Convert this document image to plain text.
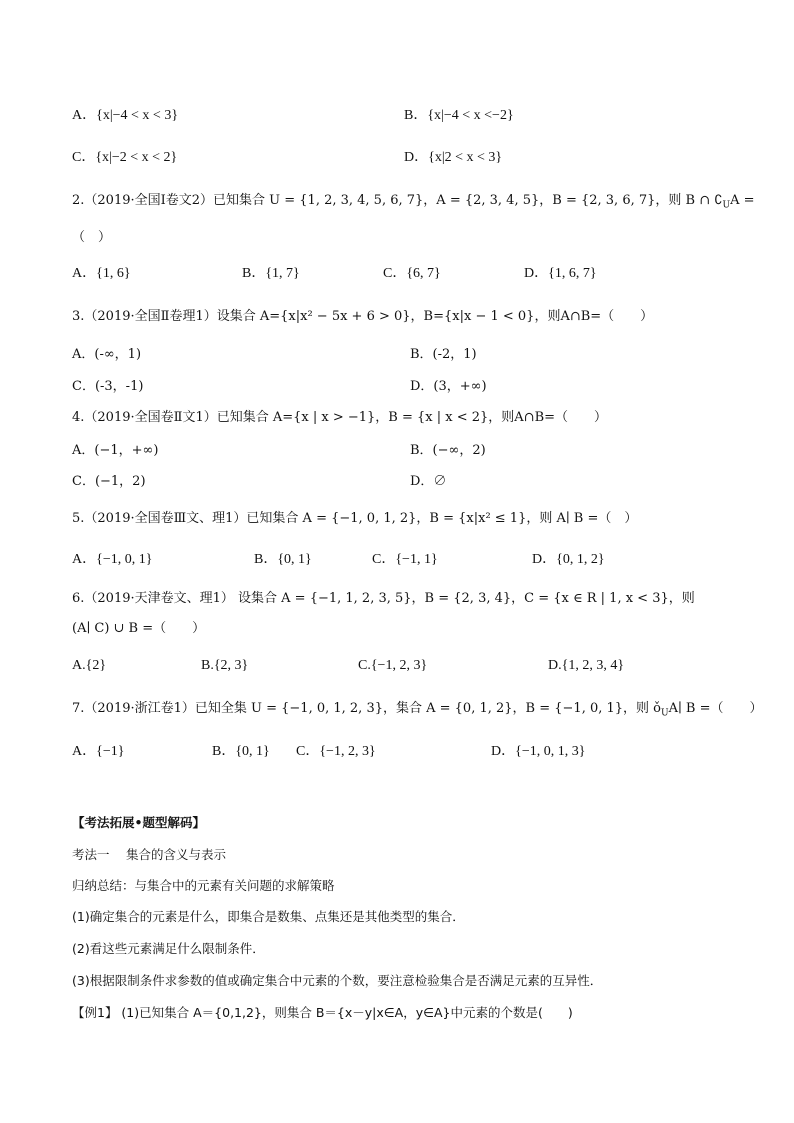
A．{x|−4 < x < 3}	B．{x|−4 < x <−2}
C．{x|−2 < x < 2}	D．{x|2 < x < 3}
2.（2019·全国Ⅰ卷文2）已知集合 U = {1, 2, 3, 4, 5, 6, 7}，A = {2, 3, 4, 5}，B = {2, 3, 6, 7}，则 B ∩ $∁_UA$ =
（　）
A．{1, 6}	B．{1, 7}	C．{6, 7}	D．{1, 6, 7}
3.（2019·全国Ⅱ卷理1）设集合 A={x|x² − 5x + 6 > 0}，B={x|x − 1 < 0}，则A∩B=（　　）
A．(-∞，1)	B．(-2，1)
C．(-3，-1)	D．(3，+∞)
4.（2019·全国卷Ⅱ文1）已知集合 A={x | x > −1}，B = {x | x < 2}，则A∩B=（　　）
A．(−1，+∞)	B．(−∞，2)
C．(−1，2)	D．∅
5.（2019·全国卷Ⅲ文、理1）已知集合 A = {−1, 0, 1, 2}，B = {x|x² ≤ 1}，则 A∣ B =（　）
A．{−1, 0, 1}	B．{0, 1}	C．{−1, 1}	D．{0, 1, 2}
6.（2019·天津卷文、理1） 设集合 A = {−1, 1, 2, 3, 5}，B = {2, 3, 4}，C = {x ∈ R | 1, x < 3}，则
(A∣ C) ∪ B =（　　）
A.{2}	B.{2, 3}	C.{−1, 2, 3}	D.{1, 2, 3, 4}
7.（2019·浙江卷1）已知全集 U = {−1, 0, 1, 2, 3}，集合 A = {0, 1, 2}，B = {−1, 0, 1}，则 $ǒ_UA∣$ B =（　　）
A．{−1}	B．{0, 1} C．{−1, 2, 3}	D．{−1, 0, 1, 3}
【考法拓展•题型解码】
考法一　 集合的含义与表示
归纳总结：与集合中的元素有关问题的求解策略
(1)确定集合的元素是什么，即集合是数集、点集还是其他类型的集合．
(2)看这些元素满足什么限制条件．
(3)根据限制条件求参数的值或确定集合中元素的个数，要注意检验集合是否满足元素的互异性．
【例1】 (1)已知集合 A＝{0,1,2}，则集合 B＝{x－y|x∈A，y∈A}中元素的个数是(　　)
